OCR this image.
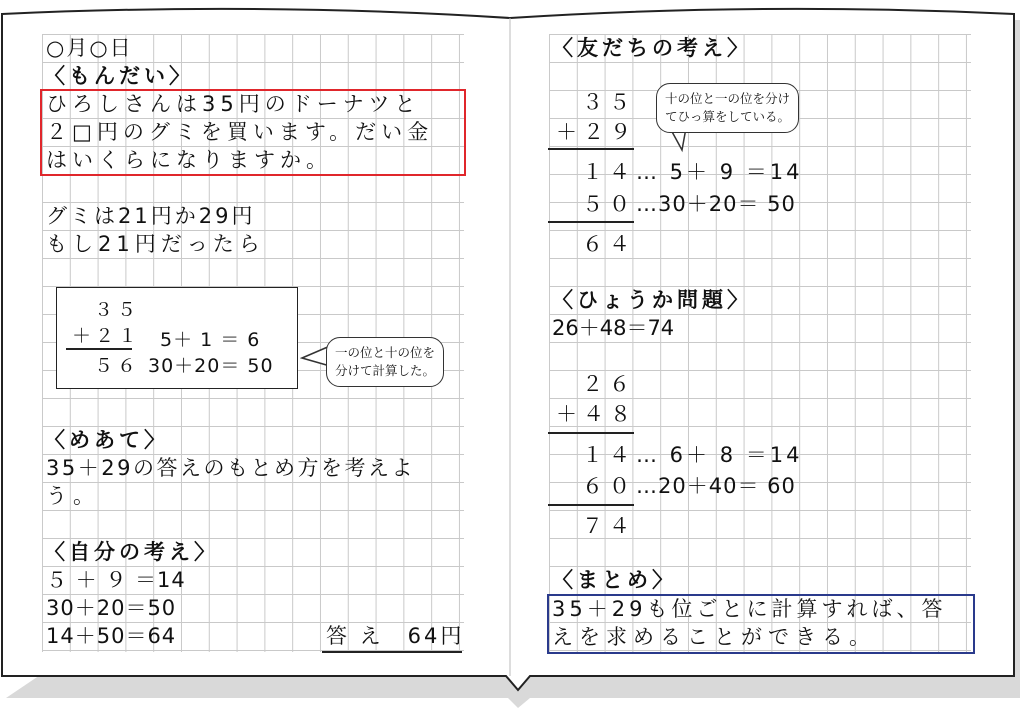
○月○日
〈もんだい〉
ひろしさんは35円のドーナツと
２□円のグミを買います。だい金
はいくらになりますか。
グミは21円か29円
もし21円だったら
３５
＋２１
５６
5＋ 1 ＝ 6
30＋20＝ 50
一の位と十の位を
分けて計算した。
〈めあて〉
35＋29の答えのもとめ方を考えよ
う。
〈自分の考え〉
５ ＋ ９ ＝14
30＋20＝50
14＋50＝64	答 え　64円
〈友だちの考え〉
３５
＋２９
１４ … 5＋ 9 ＝14
５０ …30＋20＝ 50
６４
十の位と一の位を分け
てひっ算をしている。
〈ひょうか問題〉
26＋48＝74
２６
＋４８
１４ … 6＋ 8 ＝14
６０ …20＋40＝ 60
７４
〈まとめ〉
35＋29も位ごとに計算すれば、答
えを求めることができる。
